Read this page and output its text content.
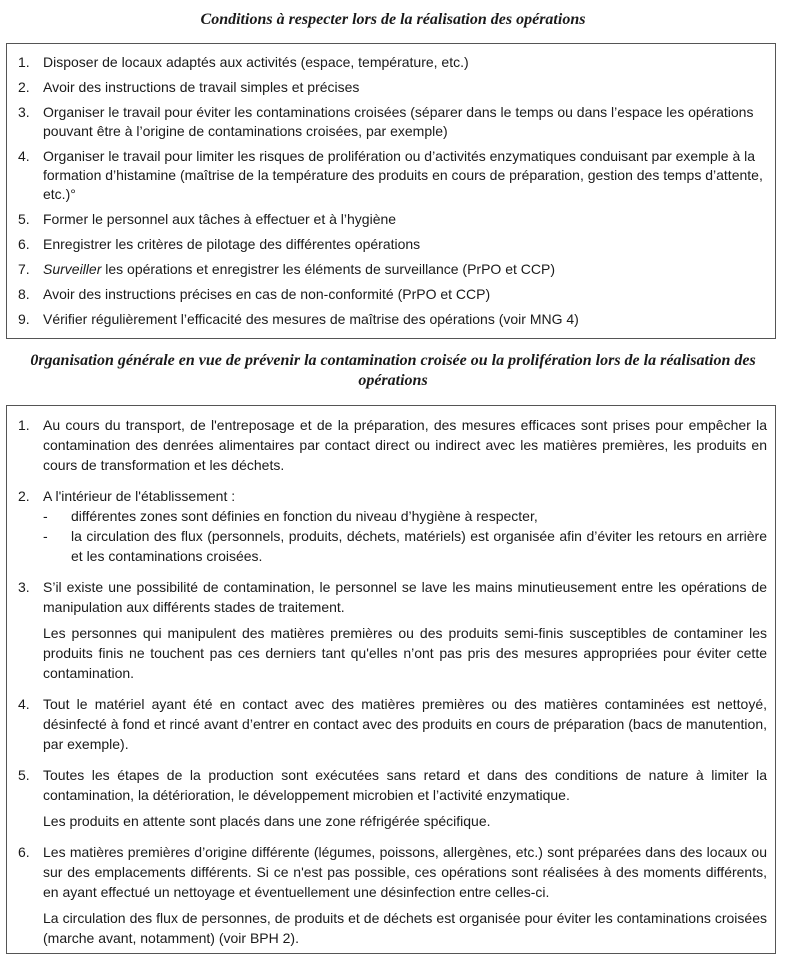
Conditions à respecter lors de la réalisation des opérations
1. Disposer de locaux adaptés aux activités (espace, température, etc.)
2. Avoir des instructions de travail simples et précises
3. Organiser le travail pour éviter les contaminations croisées (séparer dans le temps ou dans l’espace les opérations pouvant être à l’origine de contaminations croisées, par exemple)
4. Organiser le travail pour limiter les risques de prolifération ou d’activités enzymatiques conduisant par exemple à la formation d’histamine (maîtrise de la température des produits en cours de préparation, gestion des temps d’attente, etc.)°
5. Former le personnel aux tâches à effectuer et à l’hygiène
6. Enregistrer les critères de pilotage des différentes opérations
7. Surveiller les opérations et enregistrer les éléments de surveillance (PrPO et CCP)
8. Avoir des instructions précises en cas de non-conformité (PrPO et CCP)
9. Vérifier régulièrement l’efficacité des mesures de maîtrise des opérations (voir MNG 4)
0rganisation générale en vue de prévenir la contamination croisée ou la prolifération lors de la réalisation des opérations
1. Au cours du transport, de l'entreposage et de la préparation, des mesures efficaces sont prises pour empêcher la contamination des denrées alimentaires par contact direct ou indirect avec les matières premières, les produits en cours de transformation et les déchets.

2. A l'intérieur de l'établissement :

-	différentes zones sont définies en fonction du niveau d’hygiène à respecter,
-	la circulation des flux (personnels, produits, déchets, matériels) est organisée afin d’éviter les retours en arrière et les contaminations croisées.
3. S’il existe une possibilité de contamination, le personnel se lave les mains minutieusement entre les opérations de manipulation aux différents stades de traitement.

Les personnes qui manipulent des matières premières ou des produits semi-finis susceptibles de contaminer les produits finis ne touchent pas ces derniers tant qu'elles n’ont pas pris des mesures appropriées pour éviter cette contamination.

4. Tout le matériel ayant été en contact avec des matières premières ou des matières contaminées est nettoyé, désinfecté à fond et rincé avant d’entrer en contact avec des produits en cours de préparation (bacs de manutention, par exemple).

5. Toutes les étapes de la production sont exécutées sans retard et dans des conditions de nature à limiter la contamination, la détérioration, le développement microbien et l’activité enzymatique.

Les produits en attente sont placés dans une zone réfrigérée spécifique.

6. Les matières premières d’origine différente (légumes, poissons, allergènes, etc.) sont préparées dans des locaux ou sur des emplacements différents. Si ce n'est pas possible, ces opérations sont réalisées à des moments différents, en ayant effectué un nettoyage et éventuellement une désinfection entre celles-ci.

La circulation des flux de personnes, de produits et de déchets est organisée pour éviter les contaminations croisées (marche avant, notamment) (voir BPH 2).
